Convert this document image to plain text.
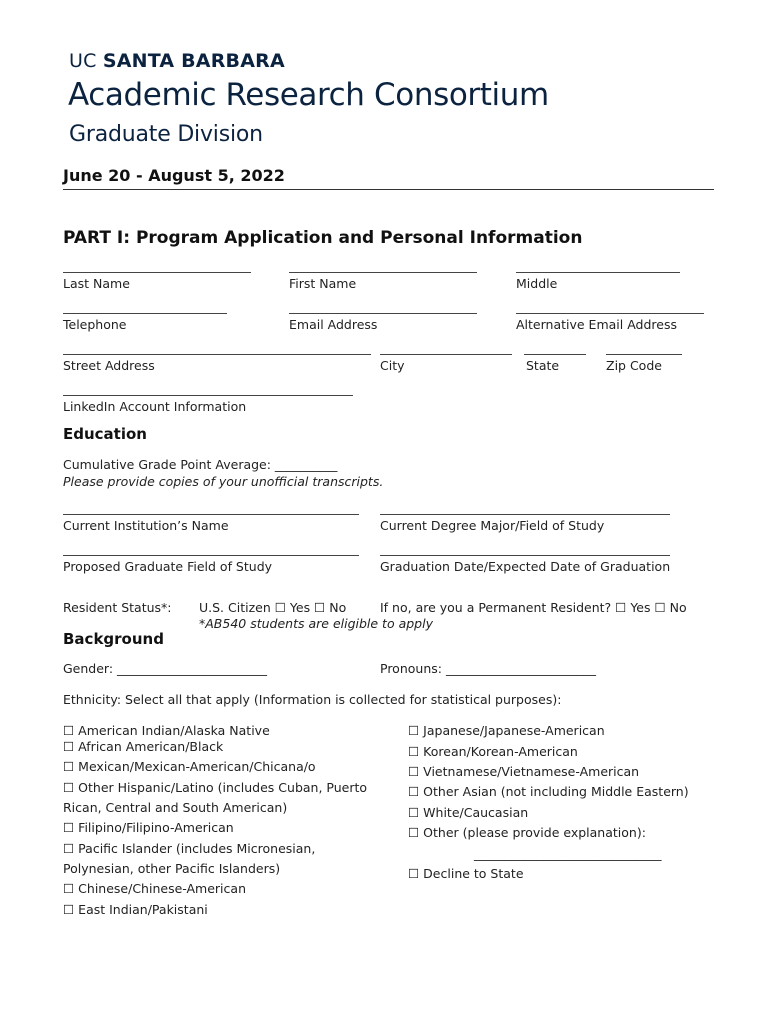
UC SANTA BARBARA
Academic Research Consortium
Graduate Division
June 20 - August 5, 2022
PART I: Program Application and Personal Information
Last Name	First Name	Middle
Telephone	Email Address	Alternative Email Address
Street Address	City	State	Zip Code
LinkedIn Account Information
Education
Cumulative Grade Point Average: __________
Please provide copies of your unofficial transcripts.
Current Institution’s Name	Current Degree Major/Field of Study
Proposed Graduate Field of Study	Graduation Date/Expected Date of Graduation
Resident Status*: U.S. Citizen ☐ Yes ☐ No	If no, are you a Permanent Resident? ☐ Yes ☐ No
*AB540 students are eligible to apply
Background
Gender: ________________________	Pronouns: ________________________
Ethnicity: Select all that apply (Information is collected for statistical purposes):
☐ American Indian/Alaska Native
☐ African American/Black
☐ Mexican/Mexican-American/Chicana/o
☐ Other Hispanic/Latino (includes Cuban, Puerto
Rican, Central and South American)
☐ Filipino/Filipino-American
☐ Pacific Islander (includes Micronesian,
Polynesian, other Pacific Islanders)
☐ Chinese/Chinese-American
☐ East Indian/Pakistani
☐ Japanese/Japanese-American
☐ Korean/Korean-American
☐ Vietnamese/Vietnamese-American
☐ Other Asian (not including Middle Eastern)
☐ White/Caucasian
☐ Other (please provide explanation):
______________________________
☐ Decline to State
